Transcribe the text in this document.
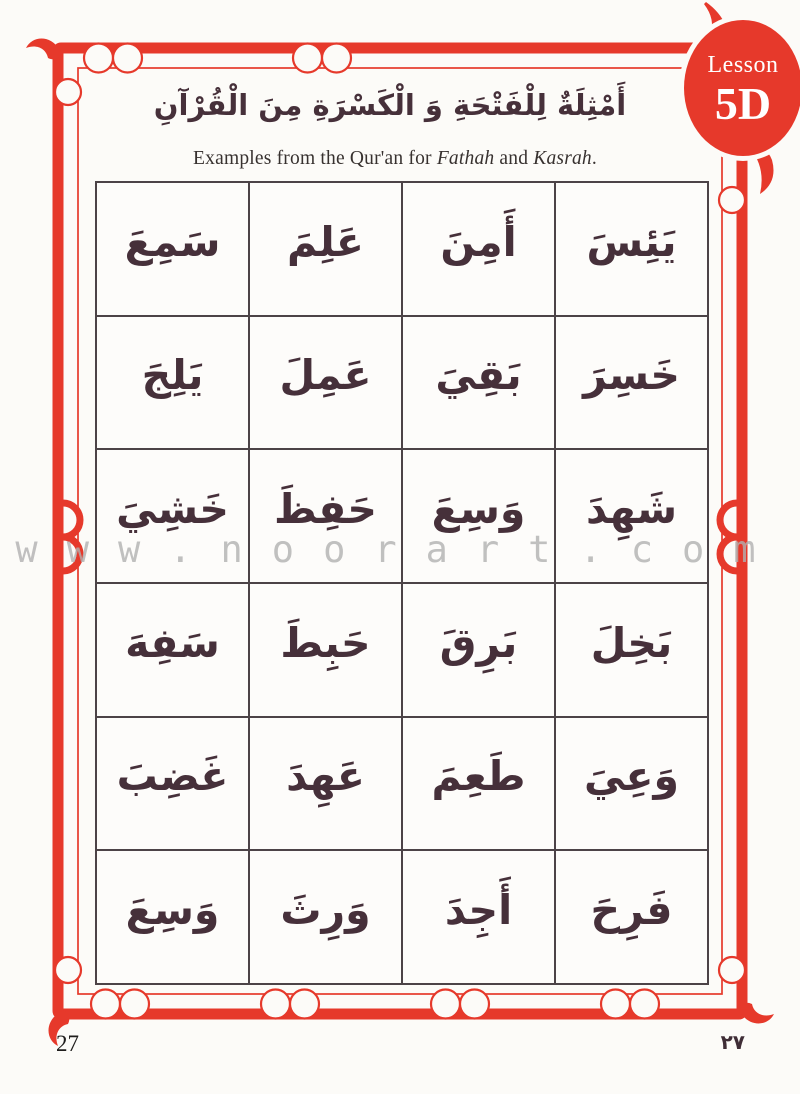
Lesson
5D
أَمْثِلَةٌ لِلْفَتْحَةِ وَ الْكَسْرَةِ مِنَ الْقُرْآنِ
Examples from the Qur'an for Fathah and Kasrah.
يَئِسَ
أَمِنَ
عَلِمَ
سَمِعَ
خَسِرَ
بَقِيَ
عَمِلَ
يَلِجَ
شَهِدَ
وَسِعَ
حَفِظَ
خَشِيَ
بَخِلَ
بَرِقَ
حَبِطَ
سَفِهَ
وَعِيَ
طَعِمَ
عَهِدَ
غَضِبَ
فَرِحَ
أَجِدَ
وَرِثَ
وَسِعَ
www.noorart.com
27	٢٧
